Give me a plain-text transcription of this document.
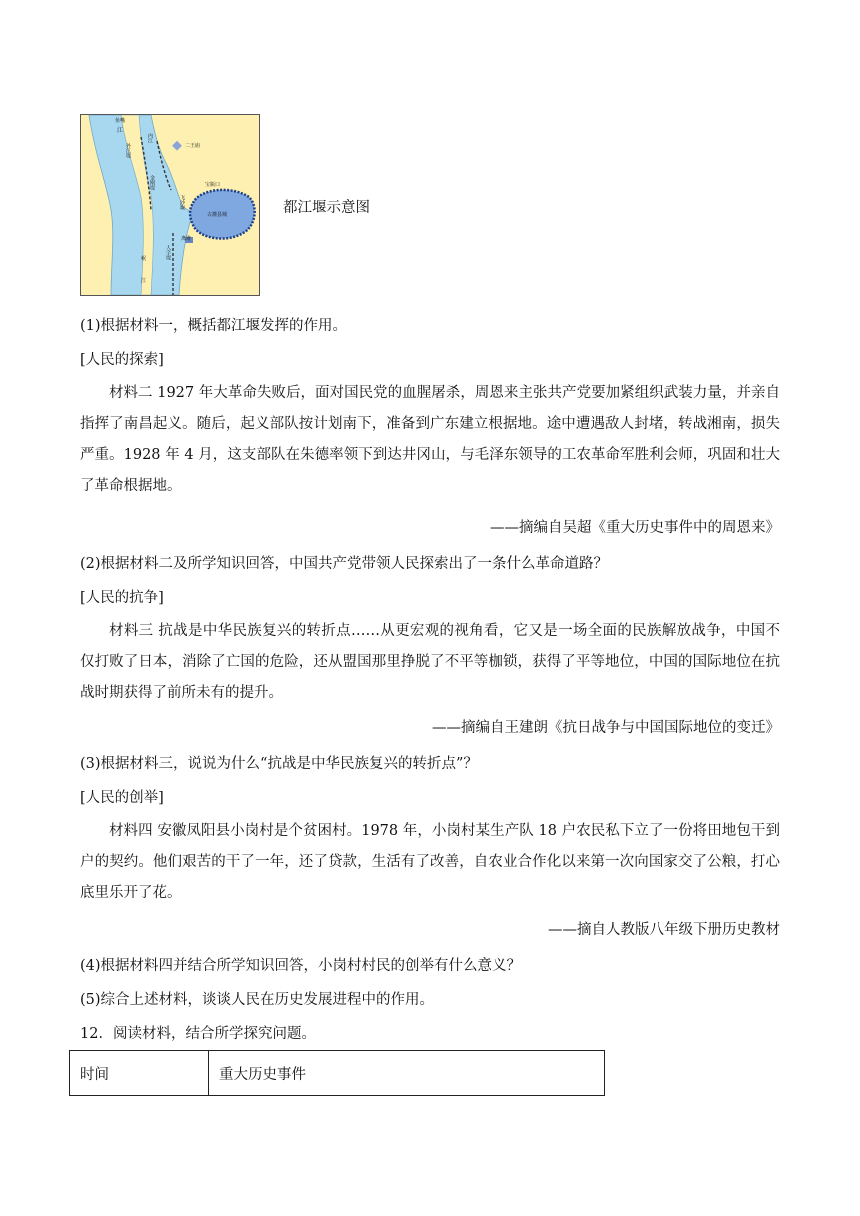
鱼嘴
二王庙
宝瓶口
飞沙堰
古灌县城
离堆
江
外江堤
内江
金刚堤
人字堤
岷
江
都江堰示意图
(1)根据材料一，概括都江堰发挥的作用。
[人民的探索]
材料二 1927 年大革命失败后，面对国民党的血腥屠杀，周恩来主张共产党要加紧组织武装力量，并亲自指挥了南昌起义。随后，起义部队按计划南下，准备到广东建立根据地。途中遭遇敌人封堵，转战湘南，损失严重。1928 年 4 月，这支部队在朱德率领下到达井冈山，与毛泽东领导的工农革命军胜利会师，巩固和壮大了革命根据地。
——摘编自吴超《重大历史事件中的周恩来》
(2)根据材料二及所学知识回答，中国共产党带领人民探索出了一条什么革命道路？
[人民的抗争]
材料三 抗战是中华民族复兴的转折点……从更宏观的视角看，它又是一场全面的民族解放战争，中国不仅打败了日本，消除了亡国的危险，还从盟国那里挣脱了不平等枷锁，获得了平等地位，中国的国际地位在抗战时期获得了前所未有的提升。
——摘编自王建朗《抗日战争与中国国际地位的变迁》
(3)根据材料三，说说为什么“抗战是中华民族复兴的转折点”？
[人民的创举]
材料四 安徽凤阳县小岗村是个贫困村。1978 年，小岗村某生产队 18 户农民私下立了一份将田地包干到户的契约。他们艰苦的干了一年，还了贷款，生活有了改善，自农业合作化以来第一次向国家交了公粮，打心底里乐开了花。
——摘自人教版八年级下册历史教材
(4)根据材料四并结合所学知识回答，小岗村村民的创举有什么意义？
(5)综合上述材料，谈谈人民在历史发展进程中的作用。
12．阅读材料，结合所学探究问题。
时间	重大历史事件
